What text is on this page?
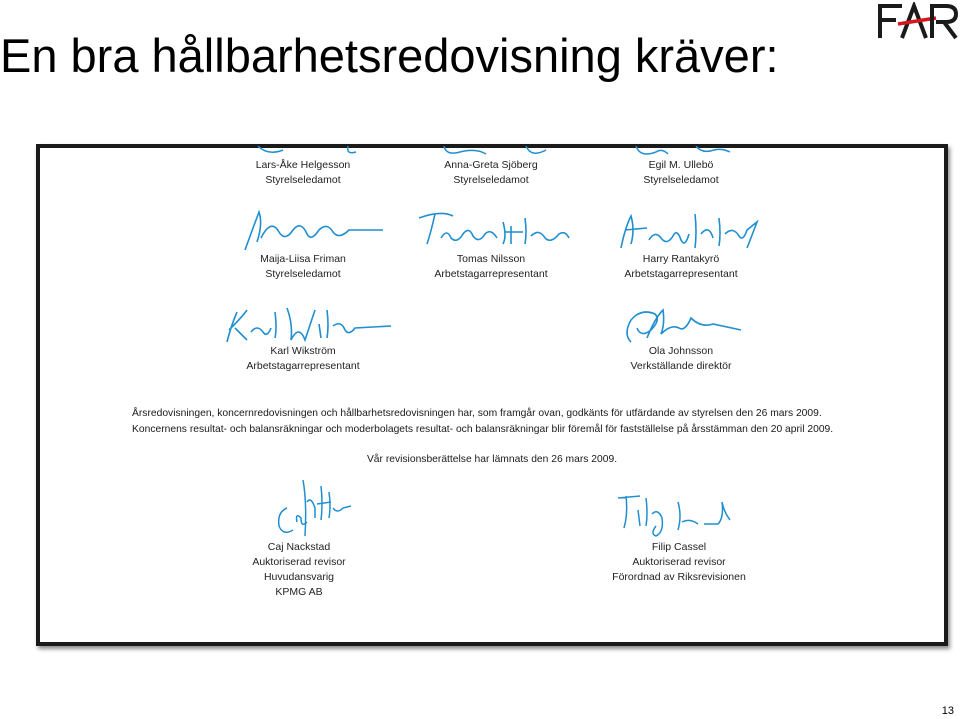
En bra hållbarhetsredovisning kräver:
Lars-Åke Helgesson
Styrelseledamot
Anna-Greta Sjöberg
Styrelseledamot
Egil M. Ullebö
Styrelseledamot
Maija-Liisa Friman
Styrelseledamot
Tomas Nilsson
Arbetstagarrepresentant
Harry Rantakyrö
Arbetstagarrepresentant
Karl Wikström
Arbetstagarrepresentant
Ola Johnsson
Verkställande direktör
Årsredovisningen, koncernredovisningen och hållbarhetsredovisningen har, som framgår ovan, godkänts för utfärdande av styrelsen den 26 mars 2009. Koncernens resultat- och balansräkningar och moderbolagets resultat- och balansräkningar blir föremål för fastställelse på årsstämman den 20 april 2009.
Vår revisionsberättelse har lämnats den 26 mars 2009.
Caj Nackstad
Auktoriserad revisor
Huvudansvarig
KPMG AB
Filip Cassel
Auktoriserad revisor
Förordnad av Riksrevisionen
13
